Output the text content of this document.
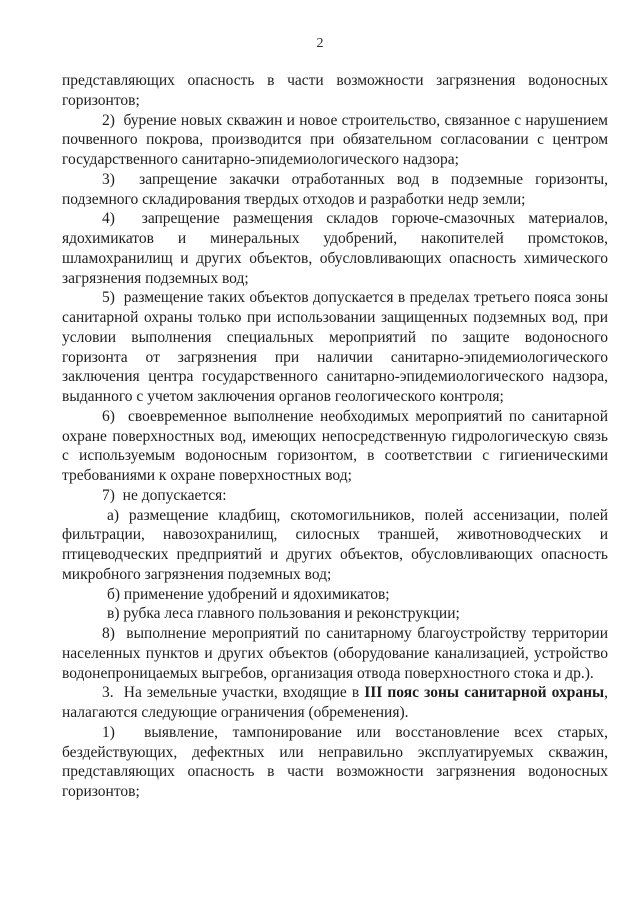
2

представляющих опасность в части возможности загрязнения водоносных горизонтов;

2)  бурение новых скважин и новое строительство, связанное с нарушением почвенного покрова, производится при обязательном согласовании с центром государственного санитарно-эпидемиологического надзора;

3)  запрещение закачки отработанных вод в подземные горизонты, подземного складирования твердых отходов и разработки недр земли;

4)  запрещение размещения складов горюче-смазочных материалов, ядохимикатов и минеральных удобрений, накопителей промстоков, шламохранилищ и других объектов, обусловливающих опасность химического загрязнения подземных вод;

5)  размещение таких объектов допускается в пределах третьего пояса зоны санитарной охраны только при использовании защищенных подземных вод, при условии выполнения специальных мероприятий по защите водоносного горизонта от загрязнения при наличии санитарно-эпидемиологического заключения центра государственного санитарно-эпидемиологического надзора, выданного с учетом заключения органов геологического контроля;

6)  своевременное выполнение необходимых мероприятий по санитарной охране поверхностных вод, имеющих непосредственную гидрологическую связь с используемым водоносным горизонтом, в соответствии с гигиеническими требованиями к охране поверхностных вод;

7)  не допускается:

а) размещение кладбищ, скотомогильников, полей ассенизации, полей фильтрации, навозохранилищ, силосных траншей, животноводческих и птицеводческих предприятий и других объектов, обусловливающих опасность микробного загрязнения подземных вод;

б) применение удобрений и ядохимикатов;

в) рубка леса главного пользования и реконструкции;

8)  выполнение мероприятий по санитарному благоустройству территории населенных пунктов и других объектов (оборудование канализацией, устройство водонепроницаемых выгребов, организация отвода поверхностного стока и др.).

3.  На земельные участки, входящие в III пояс зоны санитарной охраны, налагаются следующие ограничения (обременения).

1)  выявление, тампонирование или восстановление всех старых, бездействующих, дефектных или неправильно эксплуатируемых скважин, представляющих опасность в части возможности загрязнения водоносных горизонтов;
